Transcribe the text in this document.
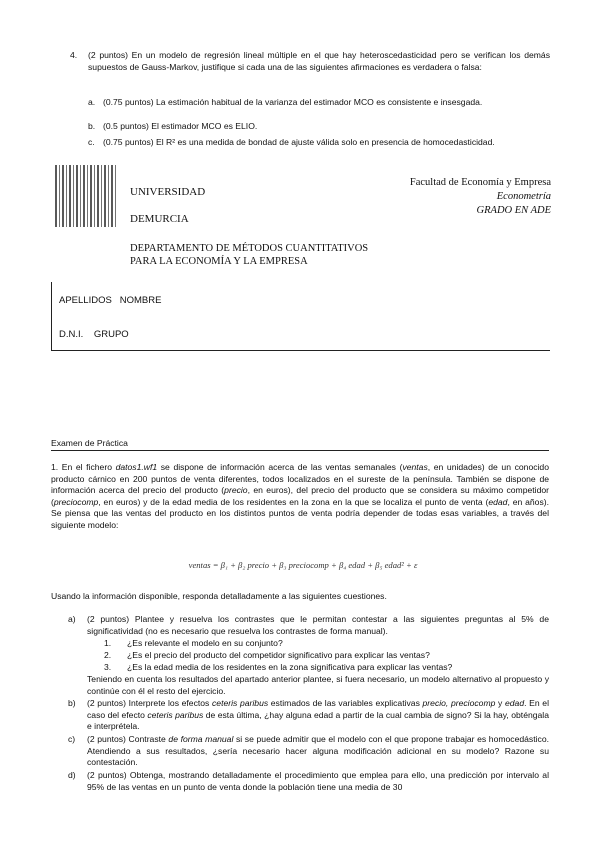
4. (2 puntos) En un modelo de regresión lineal múltiple en el que hay heteroscedasticidad pero se verifican los demás supuestos de Gauss-Markov, justifique si cada una de las siguientes afirmaciones es verdadera o falsa:
a. (0.75 puntos) La estimación habitual de la varianza del estimador MCO es consistente e insesgada.
b. (0.5 puntos) El estimador MCO es ELIO.
c. (0.75 puntos) El R² es una medida de bondad de ajuste válida solo en presencia de homocedasticidad.
UNIVERSIDAD
DEMURCIA
DEPARTAMENTO DE MÉTODOS CUANTITATIVOS
PARA LA ECONOMÍA Y LA EMPRESA
Facultad de Economía y Empresa
Econometría
GRADO EN ADE
APELLIDOS NOMBRE
D.N.I. GRUPO
Examen de Práctica
1. En el fichero datos1.wf1 se dispone de información acerca de las ventas semanales (ventas, en unidades) de un conocido producto cárnico en 200 puntos de venta diferentes, todos localizados en el sureste de la península. También se dispone de información acerca del precio del producto (precio, en euros), del precio del producto que se considera su máximo competidor (preciocomp, en euros) y de la edad media de los residentes en la zona en la que se localiza el punto de venta (edad, en años). Se piensa que las ventas del producto en los distintos puntos de venta podría depender de todas esas variables, a través del siguiente modelo:
ventas = β₁ + β₂ precio + β₃ preciocomp + β₄ edad + β₅ edad² + ε
Usando la información disponible, responda detalladamente a las siguientes cuestiones.
a) (2 puntos) Plantee y resuelva los contrastes que le permitan contestar a las siguientes preguntas al 5% de significatividad (no es necesario que resuelva los contrastes de forma manual).
1. ¿Es relevante el modelo en su conjunto?
2. ¿Es el precio del producto del competidor significativo para explicar las ventas?
3. ¿Es la edad media de los residentes en la zona significativa para explicar las ventas?
Teniendo en cuenta los resultados del apartado anterior plantee, si fuera necesario, un modelo alternativo al propuesto y continúe con él el resto del ejercicio.
b) (2 puntos) Interprete los efectos ceteris paribus estimados de las variables explicativas precio, preciocomp y edad. En el caso del efecto ceteris paribus de esta última, ¿hay alguna edad a partir de la cual cambia de signo? Si la hay, obténgala e interprétela.
c) (2 puntos) Contraste de forma manual si se puede admitir que el modelo con el que propone trabajar es homocedástico. Atendiendo a sus resultados, ¿sería necesario hacer alguna modificación adicional en su modelo? Razone su contestación.
d) (2 puntos) Obtenga, mostrando detalladamente el procedimiento que emplea para ello, una predicción por intervalo al 95% de las ventas en un punto de venta donde la población tiene una media de 30
